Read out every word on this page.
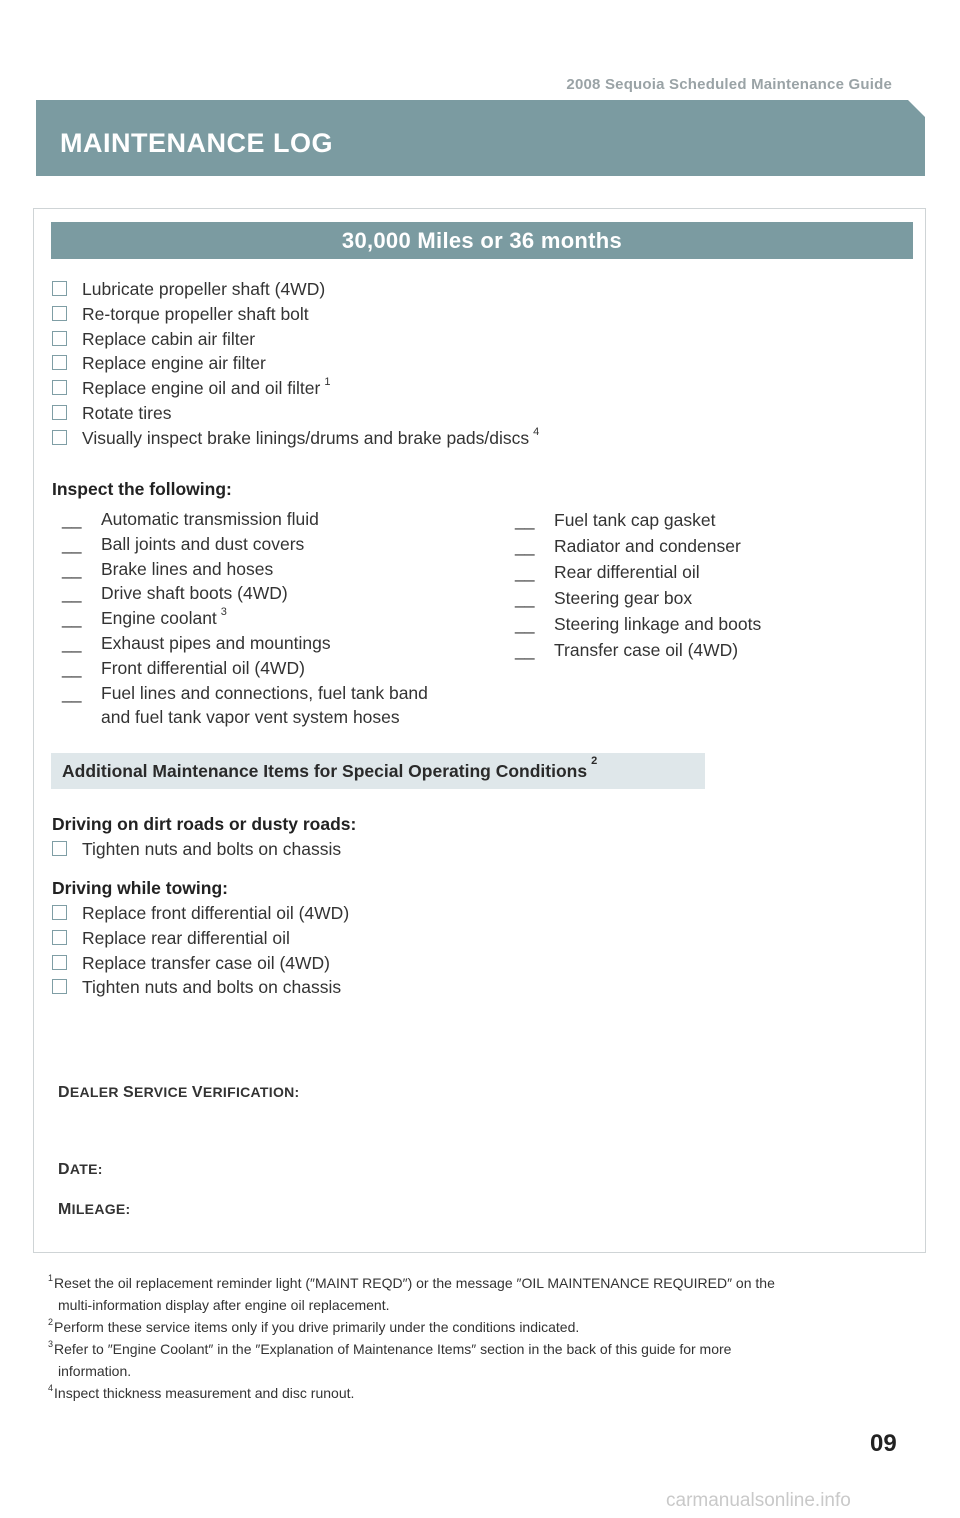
2008 Sequoia Scheduled Maintenance Guide
MAINTENANCE LOG
30,000 Miles or 36 months
Lubricate propeller shaft (4WD)
Re-torque propeller shaft bolt
Replace cabin air filter
Replace engine air filter
Replace engine oil and oil filter $^1$
Rotate tires
Visually inspect brake linings/drums and brake pads/discs $^4$
Inspect the following:
__ Automatic transmission fluid
__ Ball joints and dust covers
__ Brake lines and hoses
__ Drive shaft boots (4WD)
__ Engine coolant $^3$
__ Exhaust pipes and mountings
__ Front differential oil (4WD)
__ Fuel lines and connections, fuel tank band
and fuel tank vapor vent system hoses
__ Fuel tank cap gasket
__ Radiator and condenser
__ Rear differential oil
__ Steering gear box
__ Steering linkage and boots
__ Transfer case oil (4WD)
Additional Maintenance Items for Special Operating Conditions $^2$
Driving on dirt roads or dusty roads:
Tighten nuts and bolts on chassis
Driving while towing:
Replace front differential oil (4WD)
Replace rear differential oil
Replace transfer case oil (4WD)
Tighten nuts and bolts on chassis
DEALER SERVICE VERIFICATION:
DATE:
MILEAGE:

$^1$Reset the oil replacement reminder light (″MAINT REQD″) or the message ″OIL MAINTENANCE REQUIRED″ on the
multi-information display after engine oil replacement.

$^2$Perform these service items only if you drive primarily under the conditions indicated.

$^3$Refer to ″Engine Coolant″ in the ″Explanation of Maintenance Items″ section in the back of this guide for more
information.

$^4$Inspect thickness measurement and disc runout.

09
carmanualsonline.info
